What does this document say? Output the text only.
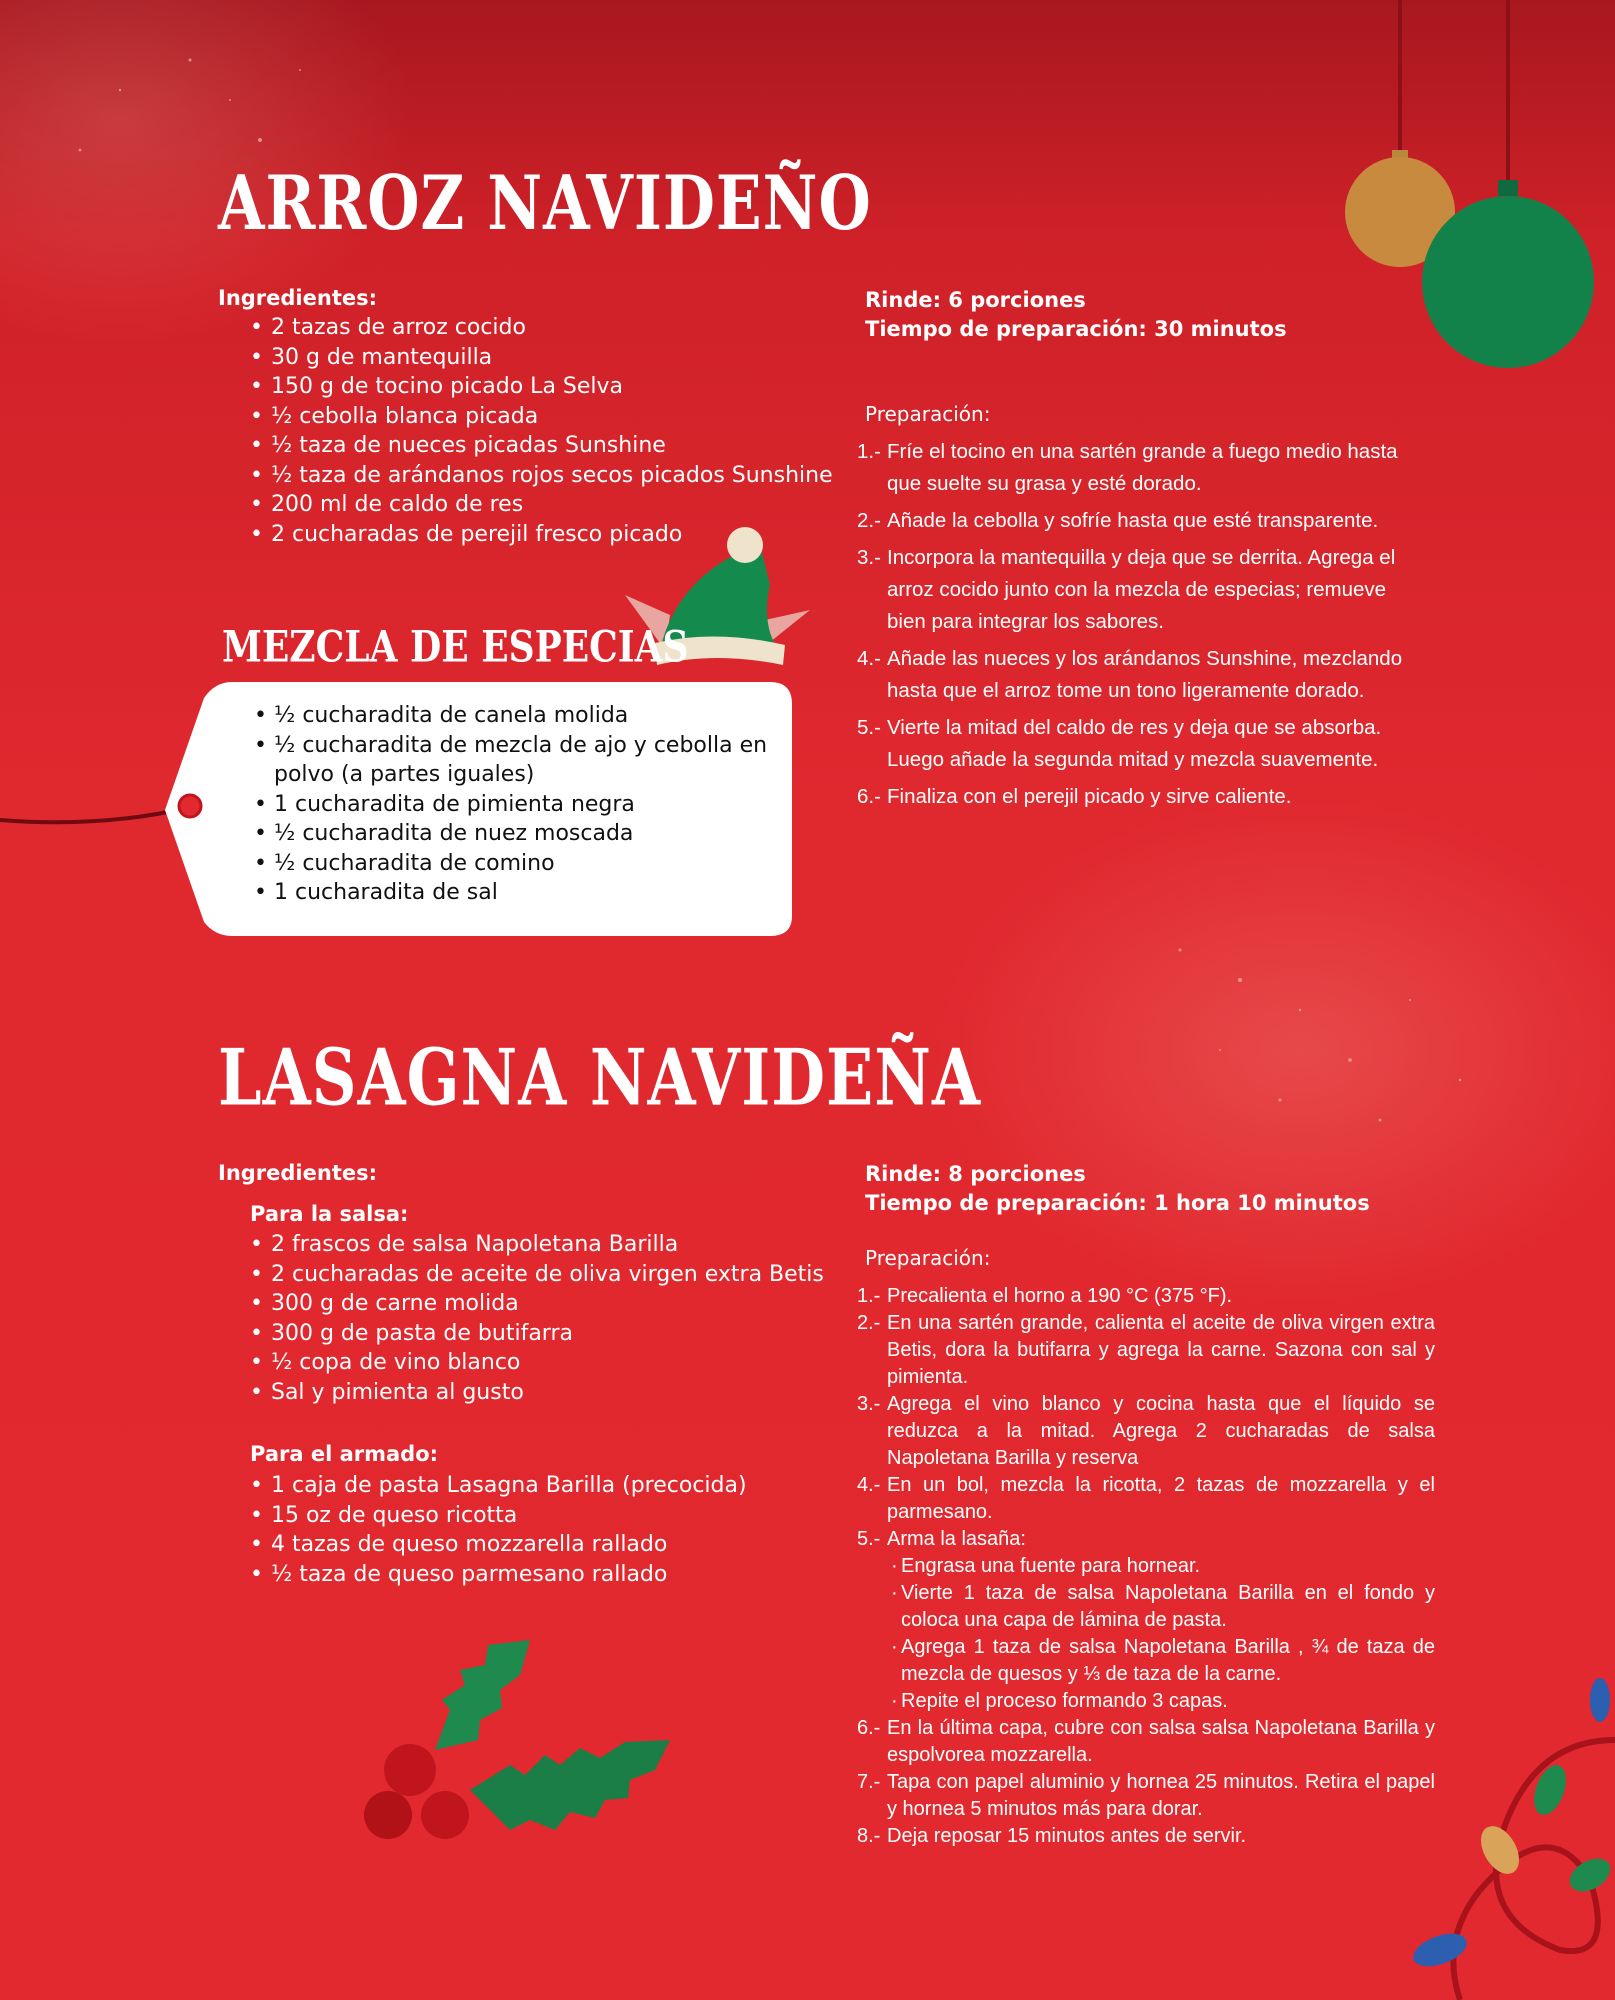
ARROZ NAVIDEÑO
Ingredientes:
• 2 tazas de arroz cocido
• 30 g de mantequilla
• 150 g de tocino picado La Selva
• ½ cebolla blanca picada
• ½ taza de nueces picadas Sunshine
• ½ taza de arándanos rojos secos picados Sunshine
• 200 ml de caldo de res
• 2 cucharadas de perejil fresco picado
Rinde: 6 porciones
Tiempo de preparación: 30 minutos
Preparación:
1.- Fríe el tocino en una sartén grande a fuego medio hasta que suelte su grasa y esté dorado.
2.- Añade la cebolla y sofríe hasta que esté transparente.
3.- Incorpora la mantequilla y deja que se derrita. Agrega el arroz cocido junto con la mezcla de especias; remueve bien para integrar los sabores.
4.- Añade las nueces y los arándanos Sunshine, mezclando hasta que el arroz tome un tono ligeramente dorado.
5.- Vierte la mitad del caldo de res y deja que se absorba. Luego añade la segunda mitad y mezcla suavemente.
6.- Finaliza con el perejil picado y sirve caliente.
MEZCLA DE ESPECIAS
• ½ cucharadita de canela molida
• ½ cucharadita de mezcla de ajo y cebolla en polvo (a partes iguales)
• 1 cucharadita de pimienta negra
• ½ cucharadita de nuez moscada
• ½ cucharadita de comino
• 1 cucharadita de sal
LASAGNA NAVIDEÑA
Ingredientes:
Para la salsa:
• 2 frascos de salsa Napoletana Barilla
• 2 cucharadas de aceite de oliva virgen extra Betis
• 300 g de carne molida
• 300 g de pasta de butifarra
• ½ copa de vino blanco
• Sal y pimienta al gusto
Para el armado:
• 1 caja de pasta Lasagna Barilla (precocida)
• 15 oz de queso ricotta
• 4 tazas de queso mozzarella rallado
• ½ taza de queso parmesano rallado
Rinde: 8 porciones
Tiempo de preparación: 1 hora 10 minutos
Preparación:
1.- Precalienta el horno a 190 °C (375 °F).
2.- En una sartén grande, calienta el aceite de oliva virgen extra Betis, dora la butifarra y agrega la carne. Sazona con sal y pimienta.
3.- Agrega el vino blanco y cocina hasta que el líquido se reduzca a la mitad. Agrega 2 cucharadas de salsa Napoletana Barilla y reserva
4.- En un bol, mezcla la ricotta, 2 tazas de mozzarella y el parmesano.
5.- Arma la lasaña:
· Engrasa una fuente para hornear.
· Vierte 1 taza de salsa Napoletana Barilla en el fondo y coloca una capa de lámina de pasta.
· Agrega 1 taza de salsa Napoletana Barilla , ¾ de taza de mezcla de quesos y ⅓ de taza de la carne.
· Repite el proceso formando 3 capas.
6.- En la última capa, cubre con salsa salsa Napoletana Barilla y espolvorea mozzarella.
7.- Tapa con papel aluminio y hornea 25 minutos. Retira el papel y hornea 5 minutos más para dorar.
8.- Deja reposar 15 minutos antes de servir.
